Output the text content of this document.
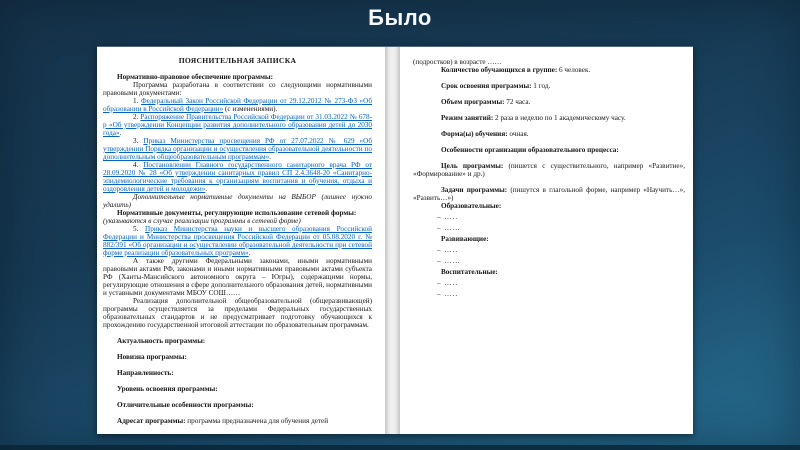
Было

ПОЯСНИТЕЛЬНАЯ ЗАПИСКА

Нормативно-правовое обеспечение программы:

Программа разработана в соответствии со следующими нормативными правовыми документами:

1. Федеральный Закон Российской Федерации от 29.12.2012 № 273-ФЗ «Об образовании в Российской Федерации» (с изменениями).

2. Распоряжение Правительства Российской Федерации от 31.03.2022 № 678-р «Об утверждении Концепции развития дополнительного образования детей до 2030 года».

3. Приказ Министерства просвещения РФ от 27.07.2022 № 629 «Об утверждении Порядка организации и осуществления образовательной деятельности по дополнительным общеобразовательным программам».

4. Постановлении Главного государственного санитарного врача РФ от 28.09.2020 № 28 «Об утверждении санитарных правил СП 2.4.3648-20 «Санитарно-эпидемиологические требования к организациям воспитания и обучения, отдыха и оздоровления детей и молодежи».

Дополнительные нормативные документы на ВЫБОР (лишнее нужно удалить)

Нормативные документы, регулирующие использование сетевой формы:

(указываются в случае реализации программы в сетевой форме)

5. Приказ Министерства науки и высшего образования Российской Федерации и Министерства просвещения Российской Федерации от 05.08.2020 г. № 882/391 «Об организации и осуществлении образовательной деятельности при сетевой форме реализации образовательных программ».

А также другими Федеральными законами, иными нормативными правовыми актами РФ, законами и иными нормативными правовыми актами субъекта РФ (Ханты-Мансийского автономного округа – Югры), содержащими нормы, регулирующие отношения в сфере дополнительного образования детей, нормативными и уставными документами МБОУ СОШ……

Реализация дополнительной общеобразовательной (общеразвивающей) программы осуществляется за пределами Федеральных государственных образовательных стандартов и не предусматривает подготовку обучающихся к прохождению государственной итоговой аттестации по образовательным программам.

Актуальность программы:

Новизна программы:

Направленность:

Уровень освоения программы:

Отличительные особенности программы:

Адресат программы: программа предназначена для обучения детей

(подростков) в возрасте ……

Количество обучающихся в группе: 6 человек.

Срок освоения программы: 1 год.

Объем программы: 72 часа.

Режим занятий: 2 раза в неделю по 1 академическому часу.

Форма(ы) обучения: очная.

Особенности организации образовательного процесса:

Цель программы: (пишется с существительного, например «Развитие», «Формирование» и др.)

Задачи программы: (пишутся в глагольной форме, например «Научить…», «Развить…»)

Образовательные:

– …..

– ……

Развивающие:

– …..

– ……

Воспитательные:

– …..

– …..
